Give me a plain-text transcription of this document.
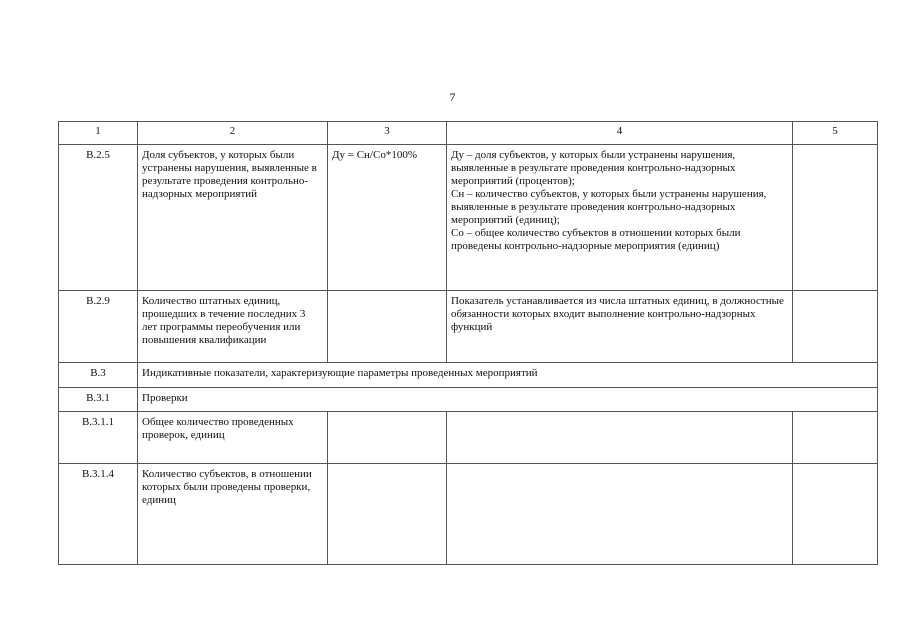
7
1	2	3	4	5
В.2.5	Доля субъектов, у которых были устранены нарушения, выявленные в результате проведения контрольно-надзорных мероприятий	Ду = Сн/Со*100%	Ду – доля субъектов, у которых были устранены нарушения, выявленные в результате проведения контрольно-надзорных мероприятий (процентов);
Сн – количество субъектов, у которых были устранены нарушения, выявленные в результате проведения контрольно-надзорных мероприятий (единиц);
Со – общее количество субъектов в отношении которых были проведены контрольно-надзорные мероприятия (единиц)	

В.2.9	Количество штатных единиц, прошедших в течение последних 3 лет программы переобучения или повышения квалификации		Показатель устанавливается из числа штатных единиц, в должностные обязанности которых входит выполнение контрольно-надзорных функций	

В.3	Индикативные показатели, характеризующие параметры проведенных мероприятий			
В.3.1	Проверки			
В.3.1.1	Общее количество проведенных проверок, единиц			
В.3.1.4	Количество субъектов, в отношении которых были проведены проверки, единиц			
